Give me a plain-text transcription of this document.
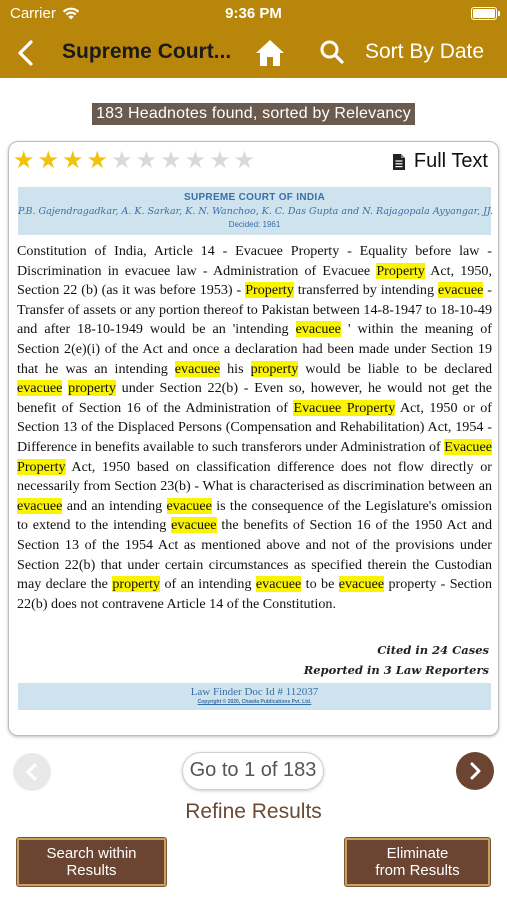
Carrier	9:36 PM
Supreme Court...	Sort By Date
183 Headnotes found, sorted by Relevancy
★ ★ ★ ★ ★ ★ ★ ★ ★ ★	Full Text
SUPREME COURT OF INDIA
P.B. Gajendragadkar, A. K. Sarkar, K. N. Wanchoo, K. C. Das Gupta and N. Rajagopala Ayyangar, JJ.
Decided: 1961
Constitution of India, Article 14 - Evacuee Property - Equality before law - Discrimination in evacuee law - Administration of Evacuee Property Act, 1950, Section 22 (b) (as it was before 1953) - Property transferred by intending evacuee - Transfer of assets or any portion thereof to Pakistan between 14-8-1947 to 18-10-49 and after 18-10-1949 would be an 'intending evacuee ' within the meaning of Section 2(e)(i) of the Act and once a declaration had been made under Section 19 that he was an intending evacuee his property would be liable to be declared evacuee property under Section 22(b) - Even so, however, he would not get the benefit of Section 16 of the Administration of Evacuee Property Act, 1950 or of Section 13 of the Displaced Persons (Compensation and Rehabilitation) Act, 1954 - Difference in benefits available to such transferors under Administration of Evacuee Property Act, 1950 based on classification difference does not flow directly or necessarily from Section 23(b) - What is characterised as discrimination between an evacuee and an intending evacuee is the consequence of the Legislature's omission to extend to the intending evacuee the benefits of Section 16 of the 1950 Act and Section 13 of the 1954 Act as mentioned above and not of the provisions under Section 22(b) that under certain circumstances as specified therein the Custodian may declare the property of an intending evacuee to be evacuee property - Section 22(b) does not contravene Article 14 of the Constitution.
Cited in 24 Cases
Reported in 3 Law Reporters
Law Finder Doc Id # 112037
Copyright © 2020, Chawla Publications Pvt. Ltd.
Go to 1 of 183
Refine Results
Search within
Results
Eliminate
from Results
